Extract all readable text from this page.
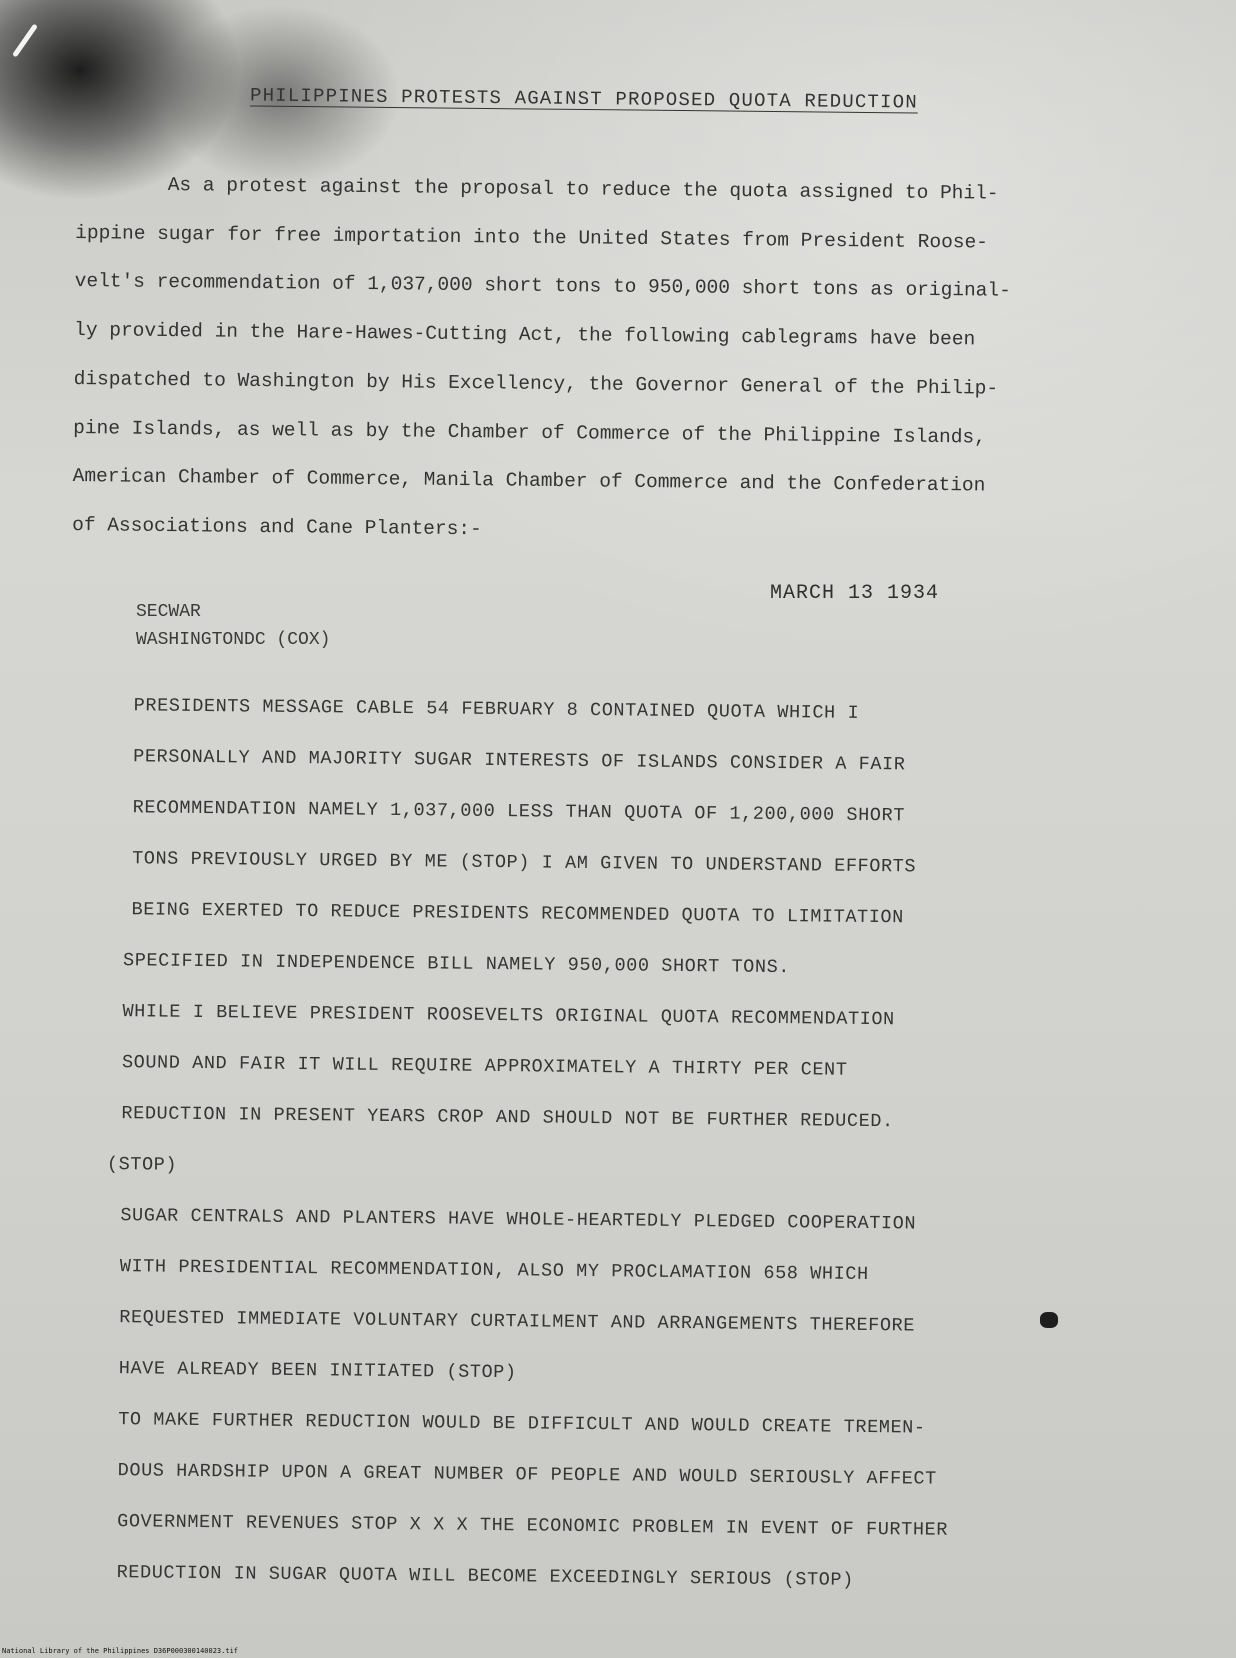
PHILIPPINES PROTESTS AGAINST PROPOSED QUOTA REDUCTION
As a protest against the proposal to reduce the quota assigned to Phil-
ippine sugar for free importation into the United States from President Roose-
velt's recommendation of 1,037,000 short tons to 950,000 short tons as original-
ly provided in the Hare-Hawes-Cutting Act, the following cablegrams have been
dispatched to Washington by His Excellency, the Governor General of the Philip-
pine Islands, as well as by the Chamber of Commerce of the Philippine Islands,
American Chamber of Commerce, Manila Chamber of Commerce and the Confederation
of Associations and Cane Planters:-
MARCH 13 1934
SECWAR
WASHINGTONDC (COX)
PRESIDENTS MESSAGE CABLE 54 FEBRUARY 8 CONTAINED QUOTA WHICH I
PERSONALLY AND MAJORITY SUGAR INTERESTS OF ISLANDS CONSIDER A FAIR
RECOMMENDATION NAMELY 1,037,000 LESS THAN QUOTA OF 1,200,000 SHORT
TONS PREVIOUSLY URGED BY ME (STOP) I AM GIVEN TO UNDERSTAND EFFORTS
BEING EXERTED TO REDUCE PRESIDENTS RECOMMENDED QUOTA TO LIMITATION
SPECIFIED IN INDEPENDENCE BILL NAMELY 950,000 SHORT TONS.
WHILE I BELIEVE PRESIDENT ROOSEVELTS ORIGINAL QUOTA RECOMMENDATION
SOUND AND FAIR IT WILL REQUIRE APPROXIMATELY A THIRTY PER CENT
REDUCTION IN PRESENT YEARS CROP AND SHOULD NOT BE FURTHER REDUCED.
(STOP)
SUGAR CENTRALS AND PLANTERS HAVE WHOLE-HEARTEDLY PLEDGED COOPERATION
WITH PRESIDENTIAL RECOMMENDATION, ALSO MY PROCLAMATION 658 WHICH
REQUESTED IMMEDIATE VOLUNTARY CURTAILMENT AND ARRANGEMENTS THEREFORE
HAVE ALREADY BEEN INITIATED (STOP)
TO MAKE FURTHER REDUCTION WOULD BE DIFFICULT AND WOULD CREATE TREMEN-
DOUS HARDSHIP UPON A GREAT NUMBER OF PEOPLE AND WOULD SERIOUSLY AFFECT
GOVERNMENT REVENUES STOP X X X THE ECONOMIC PROBLEM IN EVENT OF FURTHER
REDUCTION IN SUGAR QUOTA WILL BECOME EXCEEDINGLY SERIOUS (STOP)
National Library of the Philippines D36P000300140023.tif
